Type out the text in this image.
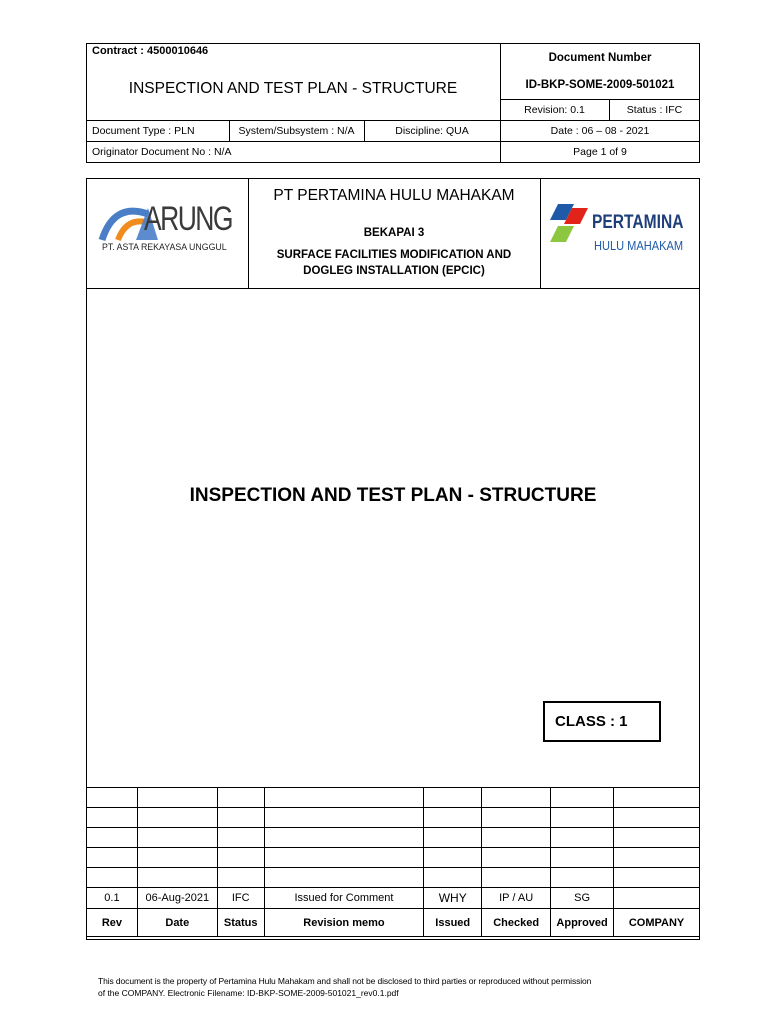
Contract : 4500010646
INSPECTION AND TEST PLAN - STRUCTURE
Document Number
ID-BKP-SOME-2009-501021
Revision: 0.1	Status : IFC
Document Type : PLN	System/Subsystem : N/A	Discipline: QUA	Date : 06 – 08 - 2021
Originator Document No : N/A	Page 1 of 9
ARUNG
PT. ASTA REKAYASA UNGGUL
PT PERTAMINA HULU MAHAKAM
BEKAPAI 3
SURFACE FACILITIES MODIFICATION AND
DOGLEG INSTALLATION (EPCIC)
PERTAMINA
HULU MAHAKAM
INSPECTION AND TEST PLAN - STRUCTURE
CLASS : 1

0.1	06-Aug-2021	IFC	Issued for Comment	WHY	IP / AU	SG	
Rev	Date	Status	Revision memo	Issued	Checked	Approved	COMPANY
This document is the property of Pertamina Hulu Mahakam and shall not be disclosed to third parties or reproduced without permission
of the COMPANY. Electronic Filename: ID-BKP-SOME-2009-501021_rev0.1.pdf
